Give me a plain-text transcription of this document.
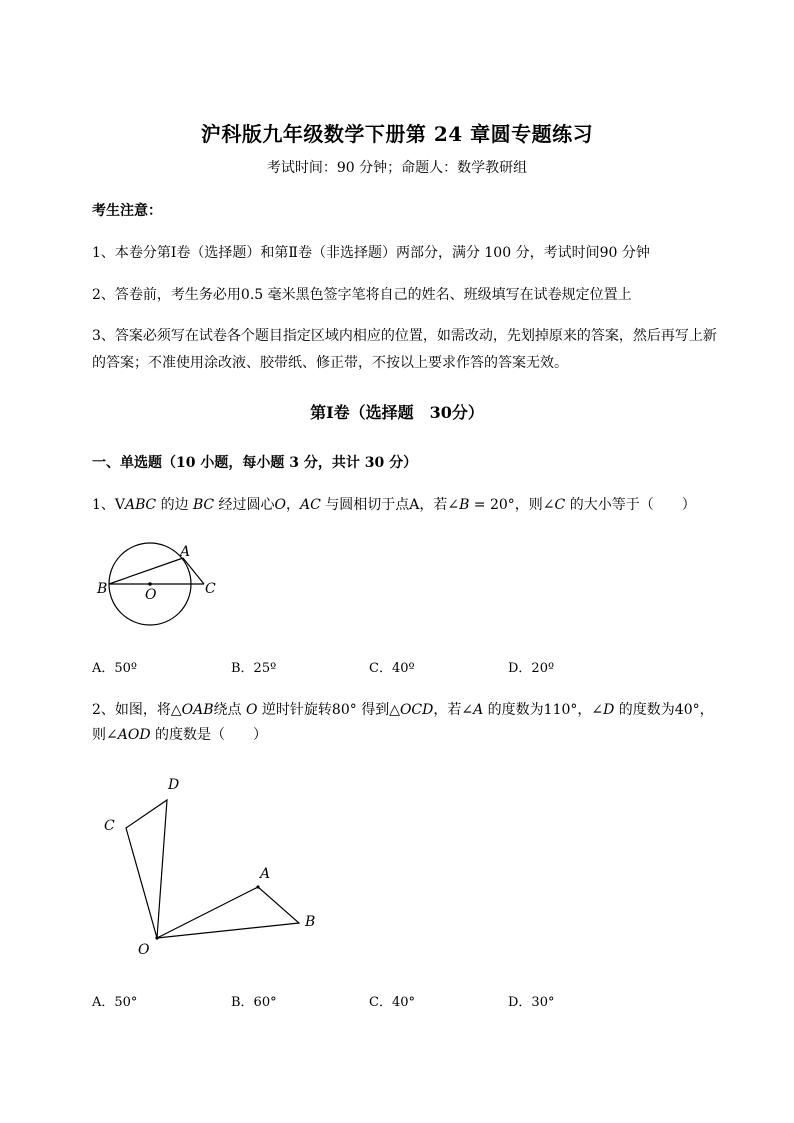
沪科版九年级数学下册第 24 章圆专题练习
考试时间：90 分钟；命题人：数学教研组
考生注意：
1、本卷分第Ⅰ卷（选择题）和第Ⅱ卷（非选择题）两部分，满分 100 分，考试时间90 分钟
2、答卷前，考生务必用0.5 毫米黑色签字笔将自己的姓名、班级填写在试卷规定位置上
3、答案必须写在试卷各个题目指定区域内相应的位置，如需改动，先划掉原来的答案，然后再写上新
的答案；不准使用涂改液、胶带纸、修正带，不按以上要求作答的答案无效。
第Ⅰ卷（选择题　30分）
一、单选题（10 小题，每小题 3 分，共计 30 分）
1、V𝐴𝐵𝐶 的边 𝐵𝐶 经过圆心𝑂，𝐴𝐶 与圆相切于点A，若∠𝐵 = 20°，则∠𝐶 的大小等于（　　）
B	O
A
C
A．50º	B．25º	C．40º	D．20º
2、如图，将△𝑂𝐴𝐵绕点 𝑂 逆时针旋转80° 得到△𝑂𝐶𝐷，若∠𝐴 的度数为110°，∠𝐷 的度数为40°，
则∠𝐴𝑂𝐷 的度数是（　　）
D
C
A
B
O
A．50°	B．60°	C．40°	D．30°
